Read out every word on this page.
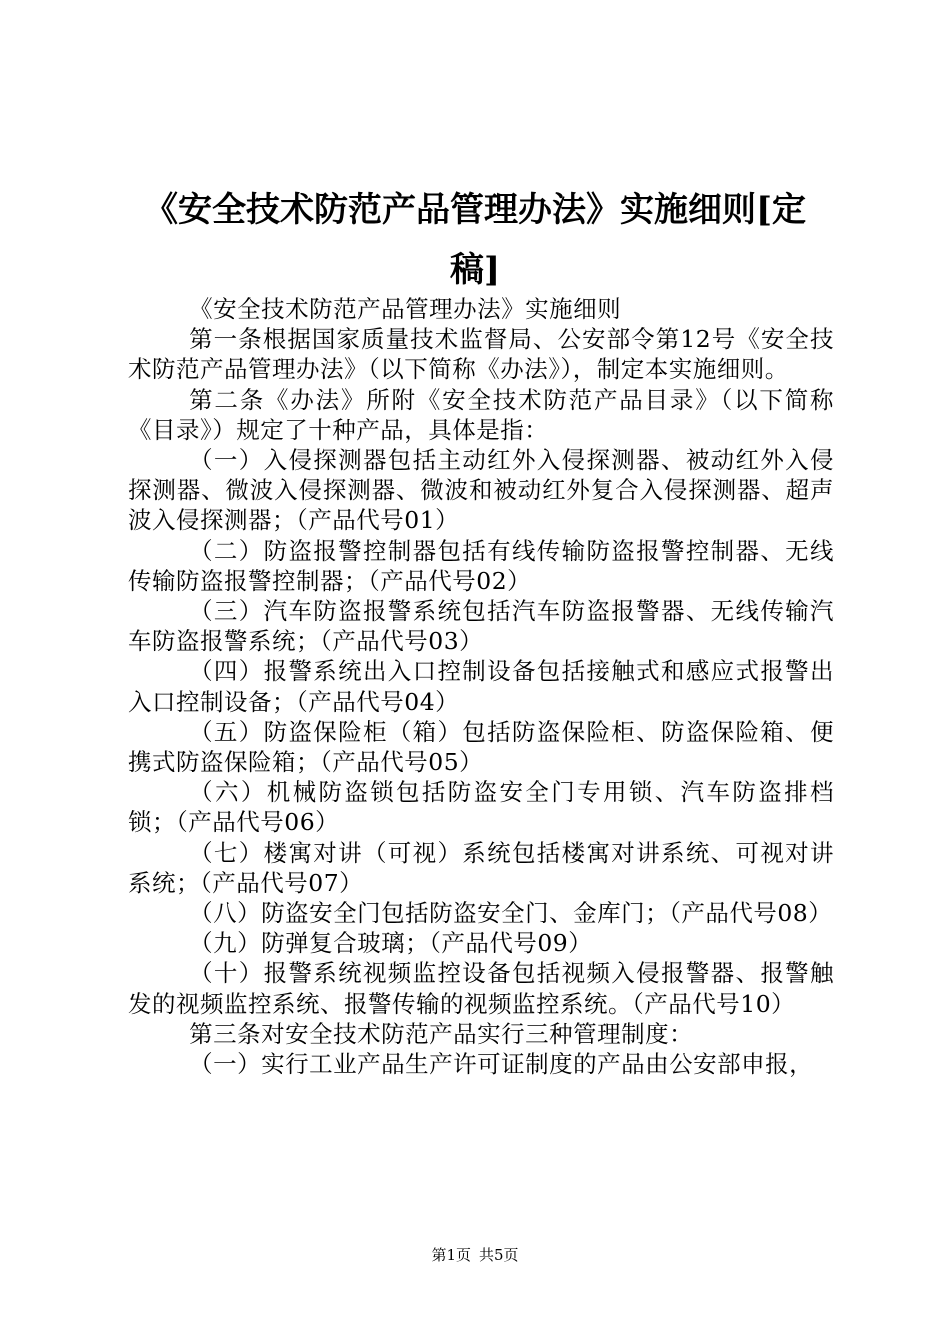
《安全技术防范产品管理办法》实施细则[定稿]

《安全技术防范产品管理办法》实施细则

第一条根据国家质量技术监督局、公安部令第12号《安全技术防范产品管理办法》（以下简称《办法》），制定本实施细则。

第二条《办法》所附《安全技术防范产品目录》（以下简称《目录》）规定了十种产品，具体是指：

（一）入侵探测器包括主动红外入侵探测器、被动红外入侵探测器、微波入侵探测器、微波和被动红外复合入侵探测器、超声波入侵探测器；（产品代号01）

（二）防盗报警控制器包括有线传输防盗报警控制器、无线传输防盗报警控制器；（产品代号02）

（三）汽车防盗报警系统包括汽车防盗报警器、无线传输汽车防盗报警系统；（产品代号03）

（四）报警系统出入口控制设备包括接触式和感应式报警出入口控制设备；（产品代号04）

（五）防盗保险柜（箱）包括防盗保险柜、防盗保险箱、便携式防盗保险箱；（产品代号05）

（六）机械防盗锁包括防盗安全门专用锁、汽车防盗排档锁；（产品代号06）

（七）楼寓对讲（可视）系统包括楼寓对讲系统、可视对讲系统；（产品代号07）

（八）防盗安全门包括防盗安全门、金库门；（产品代号08）

（九）防弹复合玻璃；（产品代号09）

（十）报警系统视频监控设备包括视频入侵报警器、报警触发的视频监控系统、报警传输的视频监控系统。（产品代号10）

第三条对安全技术防范产品实行三种管理制度：

（一）实行工业产品生产许可证制度的产品由公安部申报，

第1页 共5页
